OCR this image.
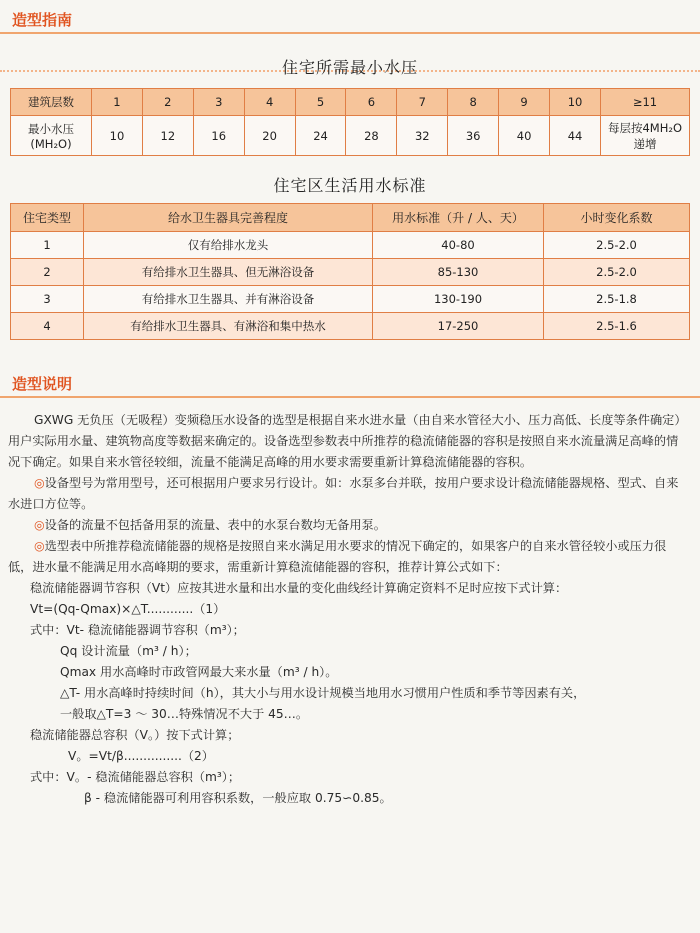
造型指南
住宅所需最小水压
建筑层数	1	2	3	4	5	6	7	8	9	10	≥11
最小水压(MH₂O)	10	12	16	20	24	28	32	36	40	44	每层按4MH₂O 递增
住宅区生活用水标准
住宅类型	给水卫生器具完善程度	用水标准（升 / 人、天）	小时变化系数
1	仅有给排水龙头	40-80	2.5-2.0
2	有给排水卫生器具、但无淋浴设备	85-130	2.5-2.0
3	有给排水卫生器具、并有淋浴设备	130-190	2.5-1.8
4	有给排水卫生器具、有淋浴和集中热水	17-250	2.5-1.6
造型说明

GXWG 无负压（无吸程）变频稳压水设备的选型是根据自来水进水量（由自来水管径大小、压力高低、长度等条件确定）用户实际用水量、建筑物高度等数据来确定的。设备选型参数表中所推荐的稳流储能器的容积是按照自来水流量满足高峰的情况下确定。如果自来水管径较细，流量不能满足高峰的用水要求需要重新计算稳流储能器的容积。

◎设备型号为常用型号，还可根据用户要求另行设计。如：水泵多台并联，按用户要求设计稳流储能器规格、型式、自来水进口方位等。

◎设备的流量不包括备用泵的流量、表中的水泵台数均无备用泵。

◎选型表中所推荐稳流储能器的规格是按照自来水满足用水要求的情况下确定的，如果客户的自来水管径较小或压力很低，进水量不能满足用水高峰期的要求，需重新计算稳流储能器的容积，推荐计算公式如下：

稳流储能器调节容积（Vt）应按其进水量和出水量的变化曲线经计算确定资料不足时应按下式计算：

Vt=(Qq-Qmax)×△T............（1）

式中：Vt- 稳流储能器调节容积（m³）；

Qq 设计流量（m³ / h）；

Qmax 用水高峰时市政管网最大来水量（m³ / h）。

△T- 用水高峰时持续时间（h），其大小与用水设计规模当地用水习惯用户性质和季节等因素有关，

一般取△T=3 ～ 30…特殊情况不大于 45…。

稳流储能器总容积（V。）按下式计算；

V。=Vt/β...............（2）

式中：V。- 稳流储能器总容积（m³）；

β - 稳流储能器可利用容积系数，一般应取 0.75∽0.85。
